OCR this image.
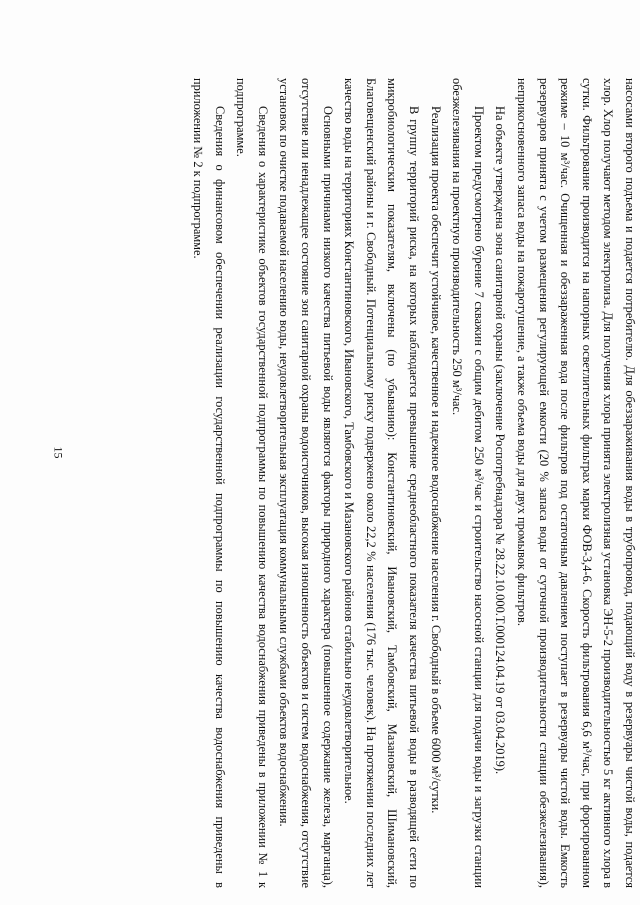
15	насосами второго подъема и подается потребителю. Для обеззараживания воды в трубопровод, подающий воду в резервуары чистой воды, подается хлор. Хлор получают методом электролиза. Для получения хлора принята электролизная установка ЭН-5-2 производительностью 5 кг активного хлора в сутки. Фильтрование производится на напорных осветлительных фильтрах марки ФОВ-3,4-6. Скорость фильтрования 6,6 м³/час, при форсированном режиме – 10 м³/час. Очищенная и обеззараженная вода после фильтров под остаточным давлением поступает в резервуары чистой воды. Емкость резервуаров принята с учетом размещения регулирующей емкости (20 % запаса воды от суточной производительности станции обезжелезивания), неприкосновенного запаса воды на пожаротушение, а также объема воды для двух промывок фильтров.

На объекте утверждена зона санитарной охраны (заключение Роспотребнадзора № 28.22.10.000.Т.000124.04.19 от 03.04.2019).

Проектом предусмотрено бурение 7 скважин с общим дебитом 250 м³/час и строительство насосной станции для подачи воды и загрузки станции обезжелезивания на проектную производительность 250 м³/час.

Реализация проекта обеспечит устойчивое, качественное и надежное водоснабжение населения г. Свободный в объеме 6000 м³/сутки.

В группу территорий риска, на которых наблюдается превышение среднеобластного показателя качества питьевой воды в разводящей сети по микробиологическим показателям, включены (по убыванию): Константиновский, Ивановский, Тамбовский, Мазановский, Шимановский, Благовещенский районы и г. Свободный. Потенциальному риску подвержено около 22,2 % населения (176 тыс. человек). На протяжении последних лет качество воды на территориях Константиновского, Ивановского, Тамбовского и Мазановского районов стабильно неудовлетворительное.

Основными причинами низкого качества питьевой воды являются факторы природного характера (повышенное содержание железа, марганца), отсутствие или ненадлежащее состояние зон санитарной охраны водоисточников, высокая изношенность объектов и систем водоснабжения, отсутствие установок по очистке подаваемой населению воды, неудовлетворительная эксплуатация коммунальными службами объектов водоснабжения.

Сведения о характеристике объектов государственной подпрограммы по повышению качества водоснабжения приведены в приложении № 1 к подпрограмме.

Сведения о финансовом обеспечении реализации государственной подпрограммы по повышению качества водоснабжения приведены в приложении № 2 к подпрограмме.
